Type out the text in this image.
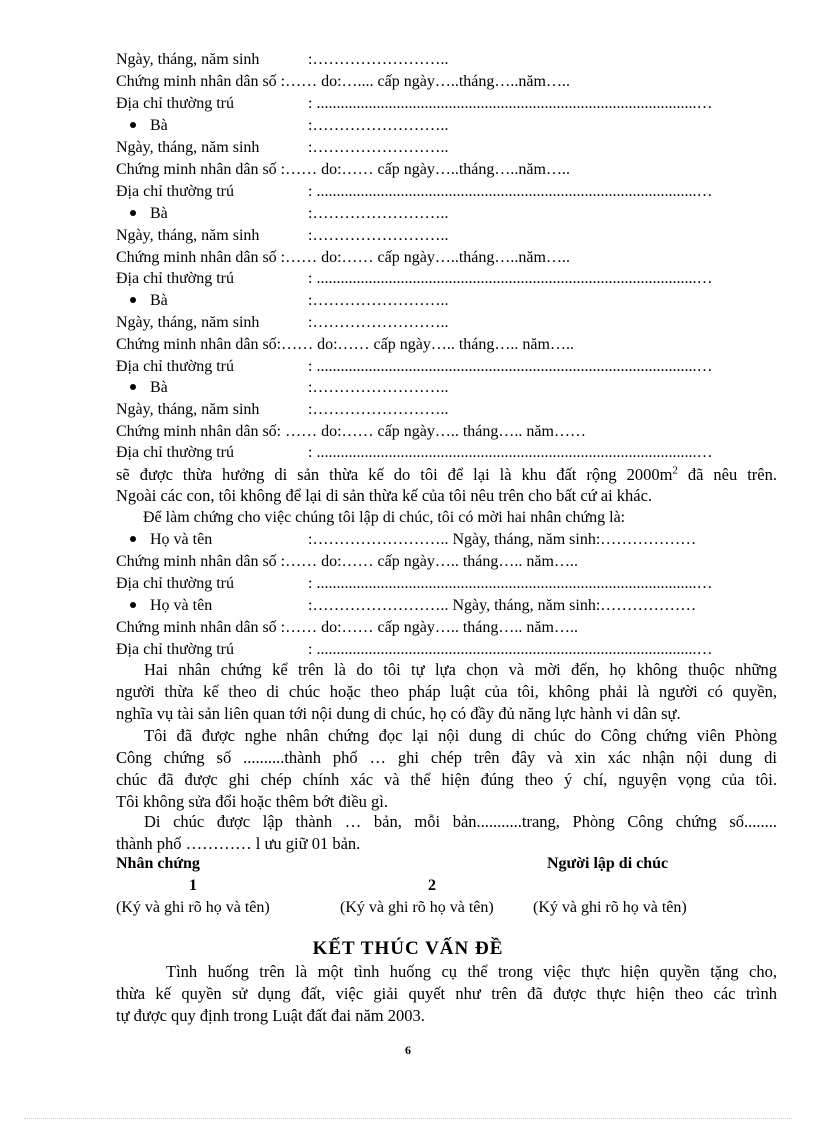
Ngày, tháng, năm sinh	:……………………..
Chứng minh nhân dân số :…… do:….... cấp ngày…..tháng…..năm…..
Địa chỉ thường trú	: ...............................................................................................…
Bà	:……………………..
Ngày, tháng, năm sinh	:……………………..
Chứng minh nhân dân số :…… do:…… cấp ngày…..tháng…..năm…..
Địa chỉ thường trú	: ...............................................................................................…
Bà	:……………………..
Ngày, tháng, năm sinh	:……………………..
Chứng minh nhân dân số :…… do:…… cấp ngày…..tháng…..năm…..
Địa chỉ thường trú	: ...............................................................................................…
Bà	:……………………..
Ngày, tháng, năm sinh	:……………………..
Chứng minh nhân dân số:…… do:…… cấp ngày….. tháng….. năm…..
Địa chỉ thường trú	: ...............................................................................................…
Bà	:……………………..
Ngày, tháng, năm sinh	:……………………..
Chứng minh nhân dân số: …… do:…… cấp ngày….. tháng….. năm……
Địa chỉ thường trú	: ...............................................................................................…
sẽ được thừa hưởng di sản thừa kế do tôi để lại là khu đất rộng $2000m^2$ đã nêu trên.
Ngoài các con, tôi không để lại di sản thừa kế của tôi nêu trên cho bất cứ ai khác.
Để làm chứng cho việc chúng tôi lập di chúc, tôi có mời hai nhân chứng là:
Họ và tên	:…………………….. Ngày, tháng, năm sinh:………………
Chứng minh nhân dân số :…… do:…… cấp ngày….. tháng….. năm…..
Địa chỉ thường trú	: ...............................................................................................…
Họ và tên	:…………………….. Ngày, tháng, năm sinh:………………
Chứng minh nhân dân số :…… do:…… cấp ngày….. tháng….. năm…..
Địa chỉ thường trú	: ...............................................................................................…
Hai nhân chứng kể trên là do tôi tự lựa chọn và mời đến, họ không thuộc những
người thừa kế theo di chúc hoặc theo pháp luật của tôi, không phải là người có quyền,
nghĩa vụ tài sản liên quan tới nội dung di chúc, họ có đầy đủ năng lực hành vi dân sự.
Tôi đã được nghe nhân chứng đọc lại nội dung di chúc do Công chứng viên Phòng
Công chứng số ..........thành phố … ghi chép trên đây và xin xác nhận nội dung di
chúc đã được ghi chép chính xác và thể hiện đúng theo ý chí, nguyện vọng của tôi.
Tôi không sửa đổi hoặc thêm bớt điều gì.
Di chúc được lập thành … bản, mỗi bản...........trang, Phòng Công chứng số........
thành phố ………… l ưu giữ 01 bản.
Nhân chứng	Người lập di chúc
1	2
(Ký và ghi rõ họ và tên)	(Ký và ghi rõ họ và tên) (Ký và ghi rõ họ và tên)
KẾT THÚC VẤN ĐỀ
Tình huống trên là một tình huống cụ thể trong việc thực hiện quyền tặng cho,
thừa kế quyền sử dụng đất, việc giải quyết như trên đã được thực hiện theo các trình
tự được quy định trong Luật đất đai năm 2003.
6
